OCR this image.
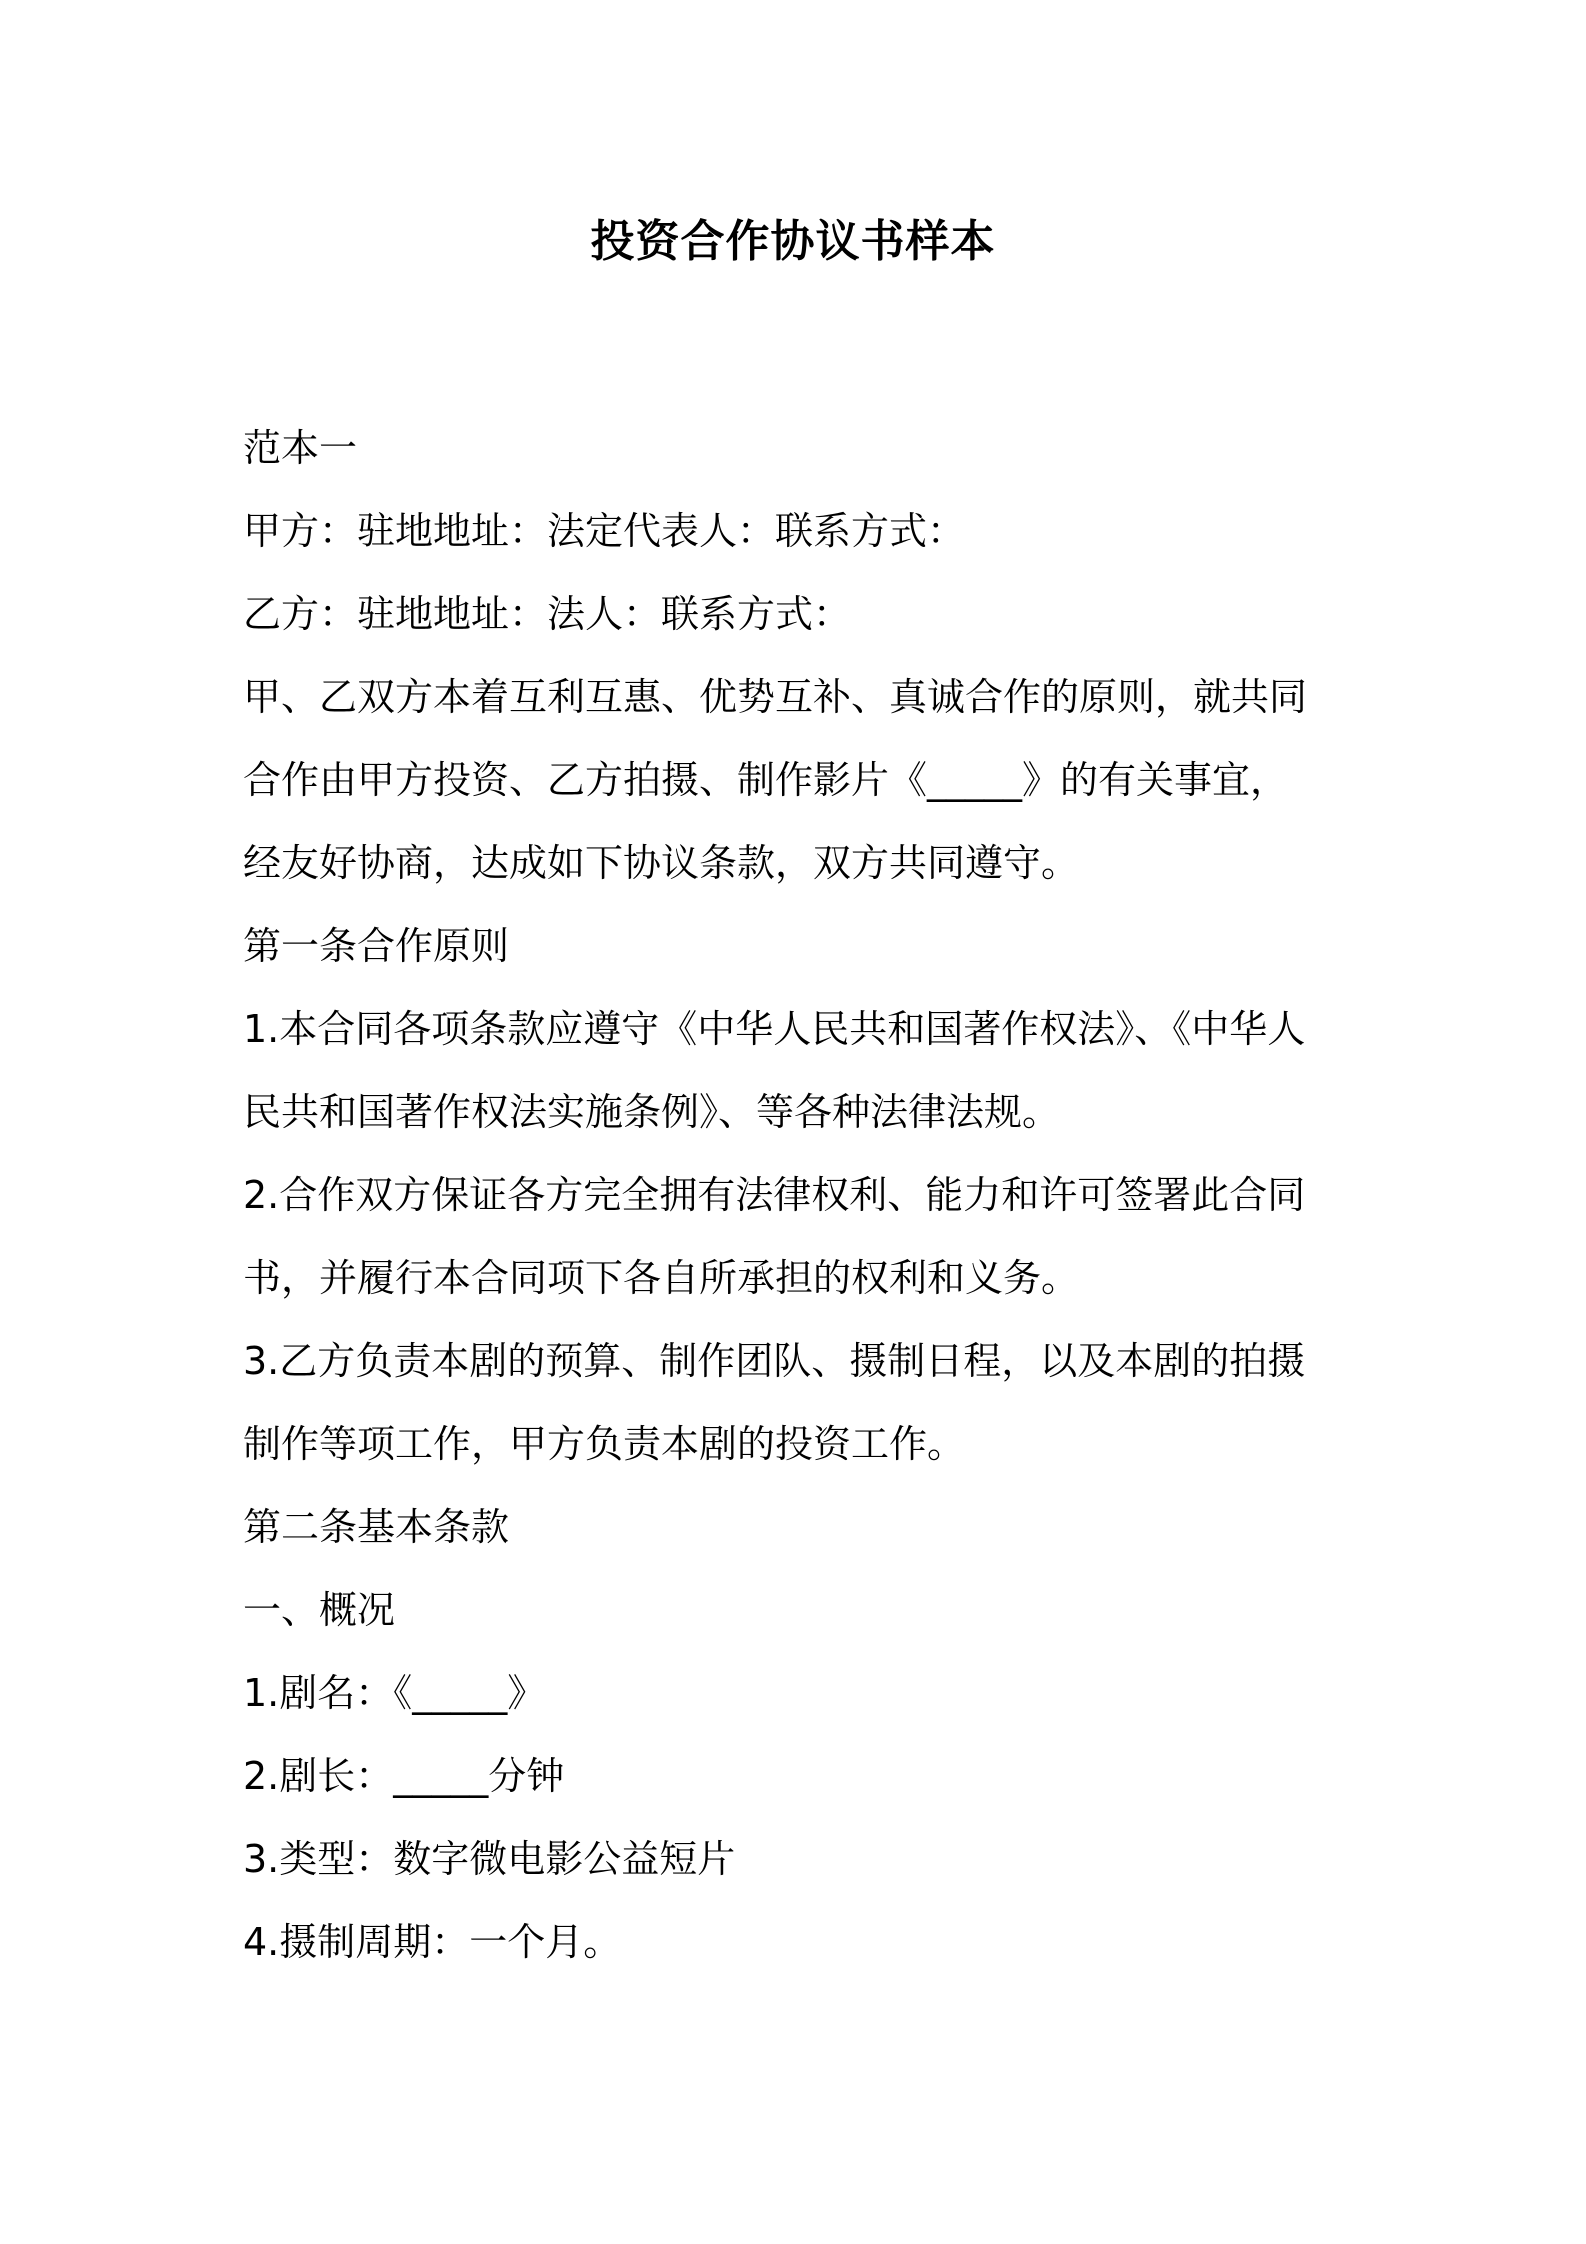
投资合作协议书样本
范本一
甲方：驻地地址：法定代表人：联系方式：
乙方：驻地地址：法人：联系方式：
甲、乙双方本着互利互惠、优势互补、真诚合作的原则，就共同
合作由甲方投资、乙方拍摄、制作影片《_____》的有关事宜，
经友好协商，达成如下协议条款，双方共同遵守。
第一条合作原则
1.本合同各项条款应遵守《中华人民共和国著作权法》、《中华人
民共和国著作权法实施条例》、等各种法律法规。
2.合作双方保证各方完全拥有法律权利、能力和许可签署此合同
书，并履行本合同项下各自所承担的权利和义务。
3.乙方负责本剧的预算、制作团队、摄制日程，以及本剧的拍摄
制作等项工作，甲方负责本剧的投资工作。
第二条基本条款
一、概况
1.剧名：《_____》
2.剧长：_____分钟
3.类型：数字微电影公益短片
4.摄制周期：一个月。
